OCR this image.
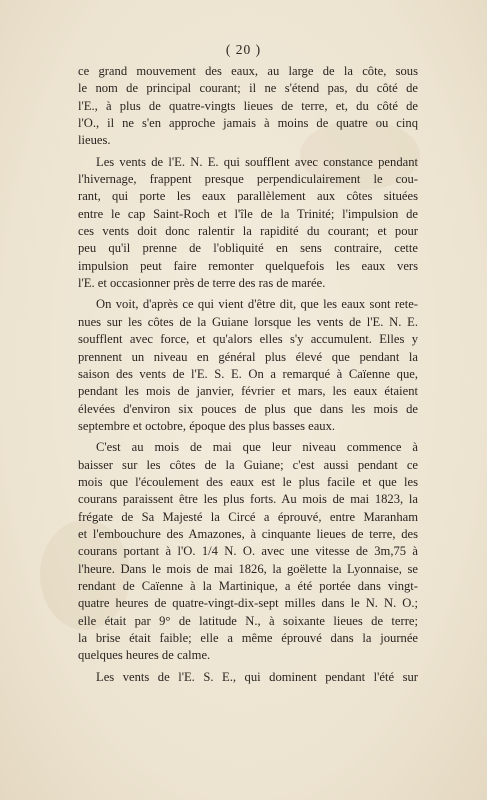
( 20 )
ce grand mouvement des eaux, au large de la côte, sous
le nom de principal courant; il ne s'étend pas, du côté de
l'E., à plus de quatre-vingts lieues de terre, et, du côté de
l'O., il ne s'en approche jamais à moins de quatre ou cinq
lieues.
Les vents de l'E. N. E. qui soufflent avec constance pendant
l'hivernage, frappent presque perpendiculairement le cou-
rant, qui porte les eaux parallèlement aux côtes situées
entre le cap Saint-Roch et l'île de la Trinité; l'impulsion de
ces vents doit donc ralentir la rapidité du courant; et pour
peu qu'il prenne de l'obliquité en sens contraire, cette
impulsion peut faire remonter quelquefois les eaux vers
l'E. et occasionner près de terre des ras de marée.
On voit, d'après ce qui vient d'être dit, que les eaux sont rete-
nues sur les côtes de la Guiane lorsque les vents de l'E. N. E.
soufflent avec force, et qu'alors elles s'y accumulent. Elles y
prennent un niveau en général plus élevé que pendant la
saison des vents de l'E. S. E. On a remarqué à Caïenne que,
pendant les mois de janvier, février et mars, les eaux étaient
élevées d'environ six pouces de plus que dans les mois de
septembre et octobre, époque des plus basses eaux.
C'est au mois de mai que leur niveau commence à
baisser sur les côtes de la Guiane; c'est aussi pendant ce
mois que l'écoulement des eaux est le plus facile et que les
courans paraissent être les plus forts. Au mois de mai 1823, la
frégate de Sa Majesté la Circé a éprouvé, entre Maranham
et l'embouchure des Amazones, à cinquante lieues de terre, des
courans portant à l'O. 1/4 N. O. avec une vitesse de 3m,75 à
l'heure. Dans le mois de mai 1826, la goëlette la Lyonnaise, se
rendant de Caïenne à la Martinique, a été portée dans vingt-
quatre heures de quatre-vingt-dix-sept milles dans le N. N. O.;
elle était par 9° de latitude N., à soixante lieues de terre;
la brise était faible; elle a même éprouvé dans la journée
quelques heures de calme.
Les vents de l'E. S. E., qui dominent pendant l'été sur
